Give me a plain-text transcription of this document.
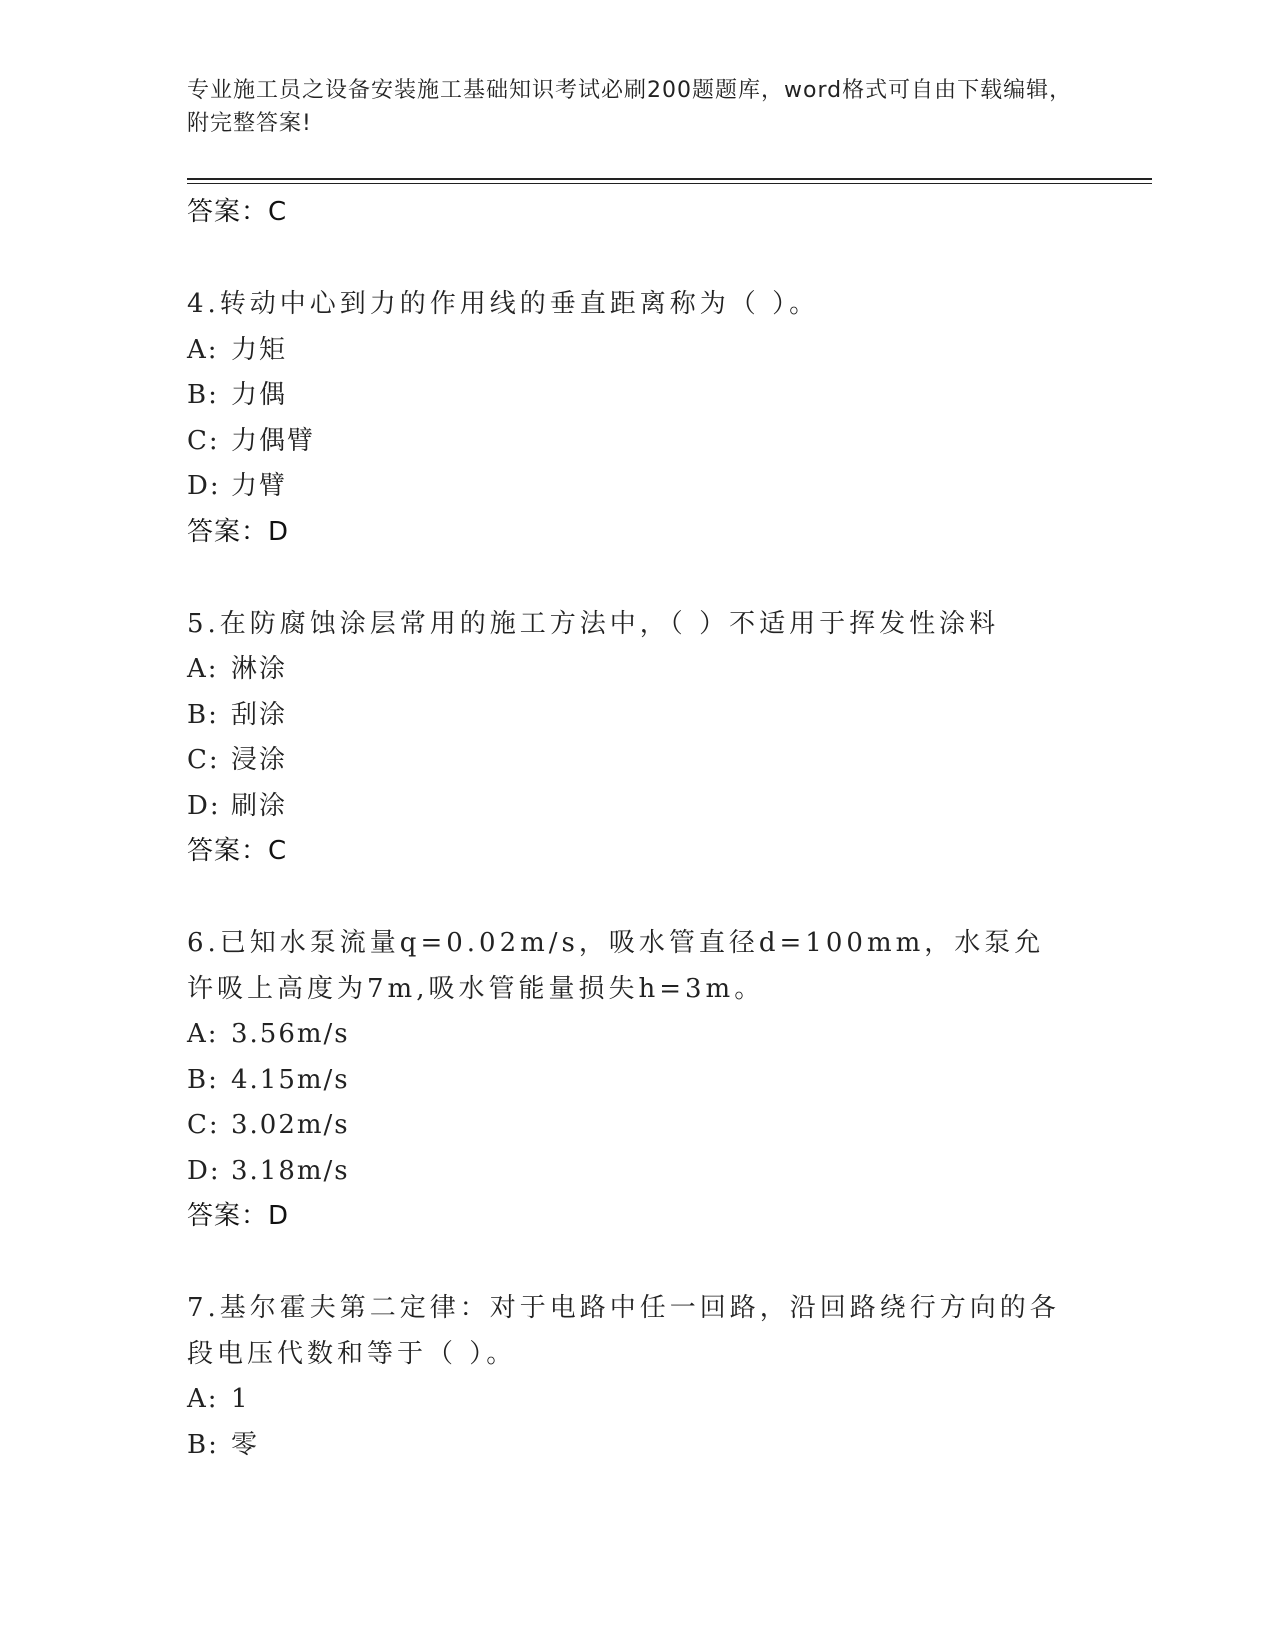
专业施工员之设备安装施工基础知识考试必刷200题题库，word格式可自由下载编辑，附完整答案!
答案：C
4.转动中心到力的作用线的垂直距离称为（ ）。
A: 力矩
B: 力偶
C: 力偶臂
D: 力臂
答案：D
5.在防腐蚀涂层常用的施工方法中，（ ）不适用于挥发性涂料
A: 淋涂
B: 刮涂
C: 浸涂
D: 刷涂
答案：C
6.已知水泵流量q=0.02m/s，吸水管直径d=100mm，水泵允许吸上高度为7m,吸水管能量损失h=3m。
A: 3.56m/s
B: 4.15m/s
C: 3.02m/s
D: 3.18m/s
答案：D
7.基尔霍夫第二定律：对于电路中任一回路，沿回路绕行方向的各段电压代数和等于（ ）。
A: 1
B: 零
